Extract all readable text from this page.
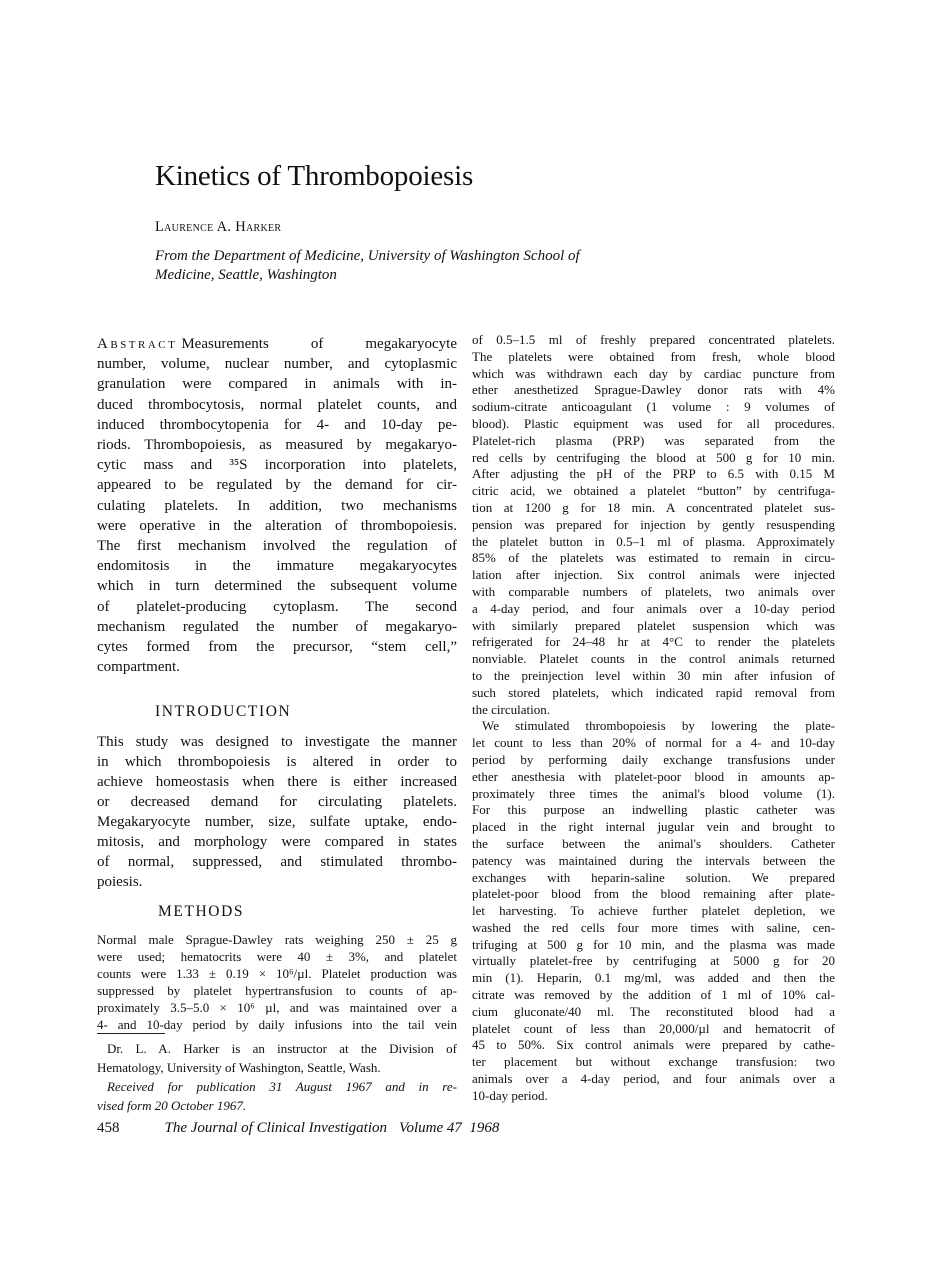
Kinetics of Thrombopoiesis
Laurence A. Harker
From the Department of Medicine, University of Washington School of
Medicine, Seattle, Washington
Abstract Measurements of megakaryocyte
number, volume, nuclear number, and cytoplasmic
granulation were compared in animals with in-
duced thrombocytosis, normal platelet counts, and
induced thrombocytopenia for 4- and 10-day pe-
riods. Thrombopoiesis, as measured by megakaryo-
cytic mass and ³⁵S incorporation into platelets,
appeared to be regulated by the demand for cir-
culating platelets. In addition, two mechanisms
were operative in the alteration of thrombopoiesis.
The first mechanism involved the regulation of
endomitosis in the immature megakaryocytes
which in turn determined the subsequent volume
of platelet-producing cytoplasm. The second
mechanism regulated the number of megakaryo-
cytes formed from the precursor, “stem cell,”
compartment.
INTRODUCTION
This study was designed to investigate the manner
in which thrombopoiesis is altered in order to
achieve homeostasis when there is either increased
or decreased demand for circulating platelets.
Megakaryocyte number, size, sulfate uptake, endo-
mitosis, and morphology were compared in states
of normal, suppressed, and stimulated thrombo-
poiesis.
METHODS
Normal male Sprague-Dawley rats weighing 250 ± 25 g
were used; hematocrits were 40 ± 3%, and platelet
counts were 1.33 ± 0.19 × 10⁶/µl. Platelet production was
suppressed by platelet hypertransfusion to counts of ap-
proximately 3.5–5.0 × 10⁶ µl, and was maintained over a
4- and 10-day period by daily infusions into the tail vein
Dr. L. A. Harker is an instructor at the Division of
Hematology, University of Washington, Seattle, Wash.
Received for publication 31 August 1967 and in re-
vised form 20 October 1967.
of 0.5–1.5 ml of freshly prepared concentrated platelets.
The platelets were obtained from fresh, whole blood
which was withdrawn each day by cardiac puncture from
ether anesthetized Sprague-Dawley donor rats with 4%
sodium-citrate anticoagulant (1 volume : 9 volumes of
blood). Plastic equipment was used for all procedures.
Platelet-rich plasma (PRP) was separated from the
red cells by centrifuging the blood at 500 g for 10 min.
After adjusting the pH of the PRP to 6.5 with 0.15 M
citric acid, we obtained a platelet “button” by centrifuga-
tion at 1200 g for 18 min. A concentrated platelet sus-
pension was prepared for injection by gently resuspending
the platelet button in 0.5–1 ml of plasma. Approximately
85% of the platelets was estimated to remain in circu-
lation after injection. Six control animals were injected
with comparable numbers of platelets, two animals over
a 4-day period, and four animals over a 10-day period
with similarly prepared platelet suspension which was
refrigerated for 24–48 hr at 4°C to render the platelets
nonviable. Platelet counts in the control animals returned
to the preinjection level within 30 min after infusion of
such stored platelets, which indicated rapid removal from
the circulation.
We stimulated thrombopoiesis by lowering the plate-
let count to less than 20% of normal for a 4- and 10-day
period by performing daily exchange transfusions under
ether anesthesia with platelet-poor blood in amounts ap-
proximately three times the animal's blood volume (1).
For this purpose an indwelling plastic catheter was
placed in the right internal jugular vein and brought to
the surface between the animal's shoulders. Catheter
patency was maintained during the intervals between the
exchanges with heparin-saline solution. We prepared
platelet-poor blood from the blood remaining after plate-
let harvesting. To achieve further platelet depletion, we
washed the red cells four more times with saline, cen-
trifuging at 500 g for 10 min, and the plasma was made
virtually platelet-free by centrifuging at 5000 g for 20
min (1). Heparin, 0.1 mg/ml, was added and then the
citrate was removed by the addition of 1 ml of 10% cal-
cium gluconate/40 ml. The reconstituted blood had a
platelet count of less than 20,000/µl and hematocrit of
45 to 50%. Six control animals were prepared by cathe-
ter placement but without exchange transfusion: two
animals over a 4-day period, and four animals over a
10-day period.
458	The Journal of Clinical Investigation Volume 47  1968
